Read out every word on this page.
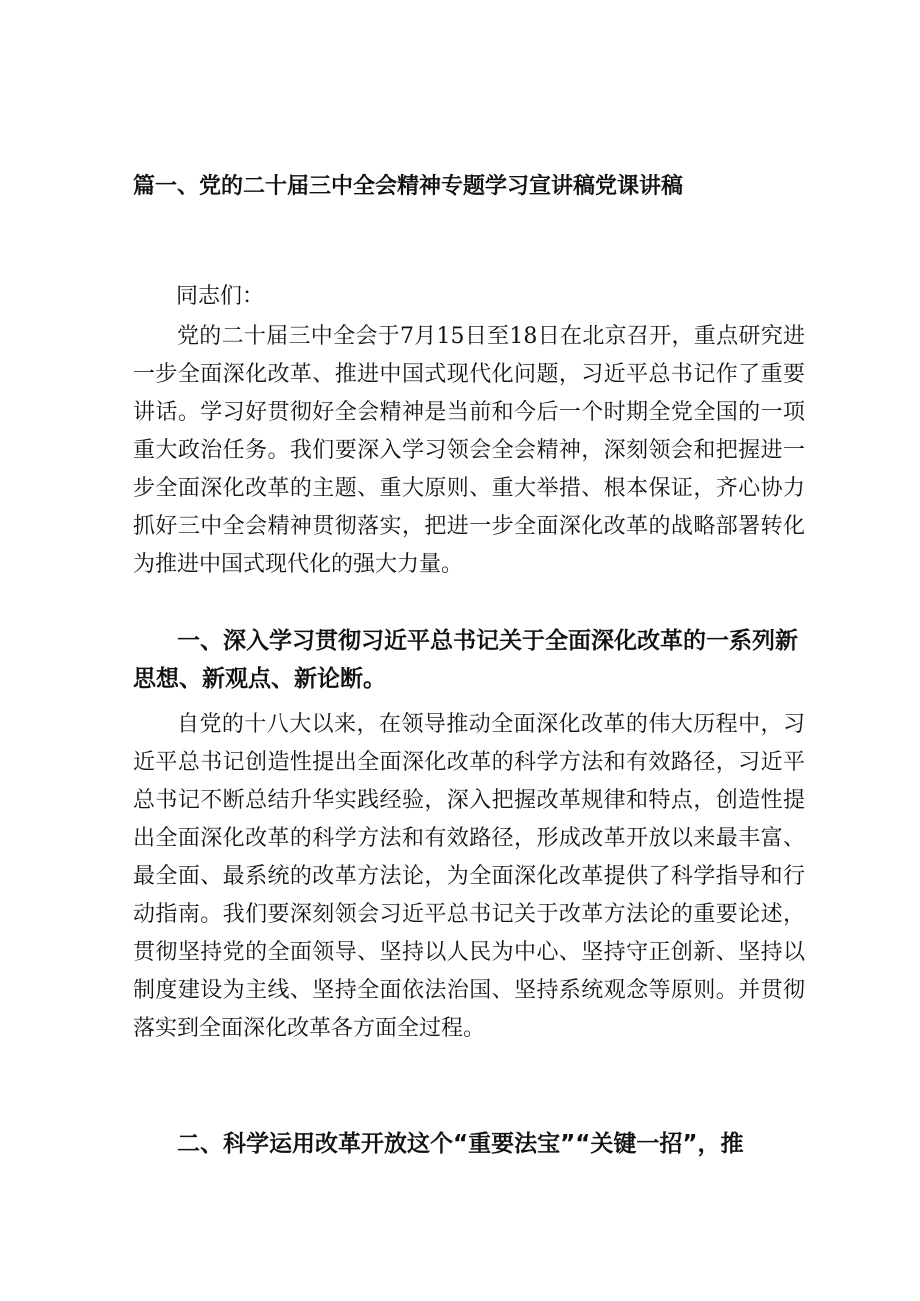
篇一、党的二十届三中全会精神专题学习宣讲稿党课讲稿
同志们：

党的二十届三中全会于7月15日至18日在北京召开，重点研究进一步全面深化改革、推进中国式现代化问题，习近平总书记作了重要讲话。学习好贯彻好全会精神是当前和今后一个时期全党全国的一项重大政治任务。我们要深入学习领会全会精神，深刻领会和把握进一步全面深化改革的主题、重大原则、重大举措、根本保证，齐心协力抓好三中全会精神贯彻落实，把进一步全面深化改革的战略部署转化为推进中国式现代化的强大力量。

一、深入学习贯彻习近平总书记关于全面深化改革的一系列新思想、新观点、新论断。

自党的十八大以来，在领导推动全面深化改革的伟大历程中，习近平总书记创造性提出全面深化改革的科学方法和有效路径，习近平总书记不断总结升华实践经验，深入把握改革规律和特点，创造性提出全面深化改革的科学方法和有效路径，形成改革开放以来最丰富、最全面、最系统的改革方法论，为全面深化改革提供了科学指导和行动指南。我们要深刻领会习近平总书记关于改革方法论的重要论述，贯彻坚持党的全面领导、坚持以人民为中心、坚持守正创新、坚持以制度建设为主线、坚持全面依法治国、坚持系统观念等原则。并贯彻落实到全面深化改革各方面全过程。

二、科学运用改革开放这个“重要法宝”“关键一招”，推
